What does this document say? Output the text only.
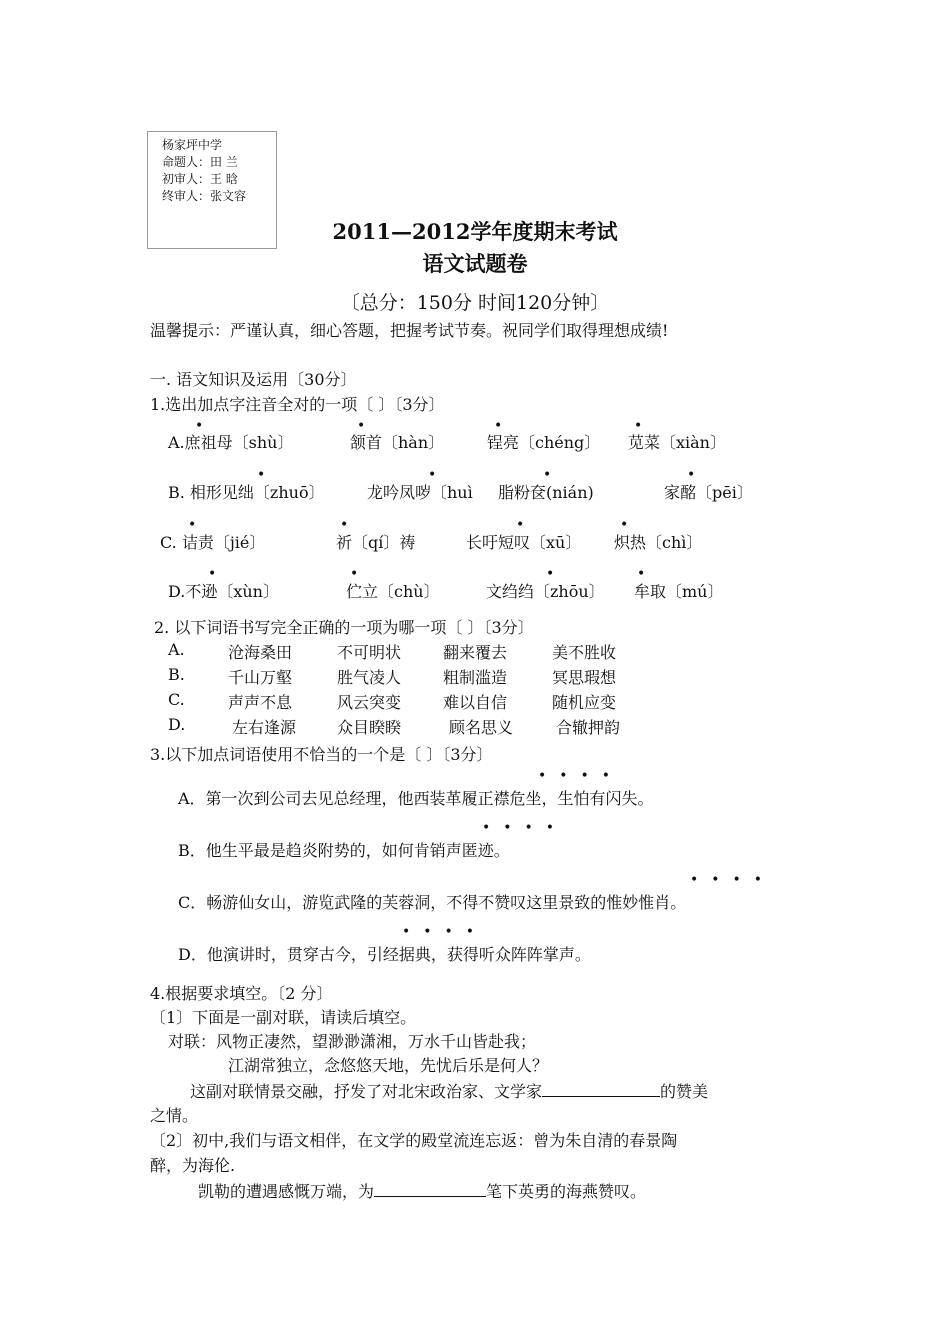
杨家坪中学
命题人：田 兰
初审人：王 晗
终审人：张文容
2011—2012学年度期末考试
语文试题卷
〔总分：150分 时间120分钟〕
温馨提示：严谨认真，细心答题，把握考试节奏。祝同学们取得理想成绩!
一. 语文知识及运用〔30分〕
1.选出加点字注音全对的一项〔 〕〔3分〕
•	•	•	•
A.庶祖母〔shù〕	颔首〔hàn〕	锃亮〔chéng〕 苋菜〔xiàn〕
•	•	•	•
B. 相形见绌〔zhuō〕	龙吟凤哕〔huì 脂粉奁(nián)	家酩〔pēi〕
•	•	•	•
C. 诘责〔jié〕	祈〔qí〕祷	长吁短叹〔xū〕 炽热〔chì〕
•	•	•	•
D.不逊〔xùn〕	伫立〔chù〕	文绉绉〔zhōu〕 牟取〔mú〕
2. 以下词语书写完全正确的一项为哪一项〔 〕〔3分〕
A.	沧海桑田	不可明状	翻来覆去	美不胜收
B.	千山万壑	胜气凌人	粗制滥造	冥思瑕想
C.	声声不息	风云突变	难以自信	随机应变
D.	左右逢源	众目睽睽	顾名思义	合辙押韵
3.以下加点词语使用不恰当的一个是〔 〕〔3分〕
••••
A．第一次到公司去见总经理，他西装革履正襟危坐，生怕有闪失。
••••
B．他生平最是趋炎附势的，如何肯销声匿迹。
••••
C．畅游仙女山，游览武隆的芙蓉洞，不得不赞叹这里景致的惟妙惟肖。
••••
D．他演讲时，贯穿古今，引经据典，获得听众阵阵掌声。
4.根据要求填空。〔2 分〕
〔1〕下面是一副对联，请读后填空。
对联：风物正凄然，望渺渺潇湘，万水千山皆赴我；
江湖常独立，念悠悠天地，先忧后乐是何人？
这副对联情景交融，抒发了对北宋政治家、文学家	的赞美
之情。
〔2〕初中,我们与语文相伴，在文学的殿堂流连忘返：曾为朱自清的春景陶
醉，为海伦.
凯勒的遭遇感慨万端，为	笔下英勇的海燕赞叹。
